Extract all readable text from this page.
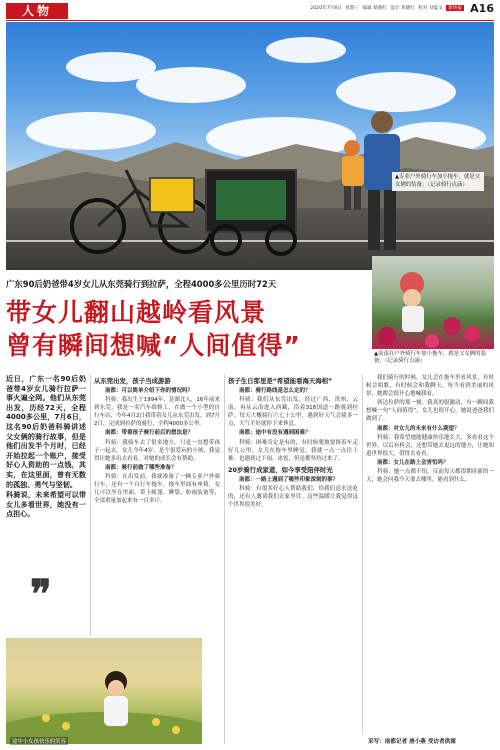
人物	2020年7月8日 星期三 编辑 蔡晓红 设计 邓晓红 校对 刘夏文 新快报 A16
▲专业户外骑行车加小拖车，就是父女俩的装备。（记录骑行点滴）
广东90后奶爸带4岁女儿从东莞骑行到拉萨，全程4000多公里历时72天
带女儿翻山越岭看风景
曾有瞬间想喊“人间值得”	▲南南在户外骑行车加小拖车，就是父女俩的装备。（记录骑行点滴）

近日，广东一名90后奶爸带4岁女儿骑行拉萨一事火遍全网。他们从东莞出发，历经72天，全程4000多公里，7月6日，这名90后奶爸科骑讲述父女俩的骑行故事，但是他们出发半个月时，已经开始拉起一个账户，接受好心人资助的一点钱，其实，在这里面，曾有无数的孤独、勇气与坚韧。

科骑说，未来希望可以带女儿多看世界，她没有一点担心。

❞
从东莞出发，孩子当成游游

南都：可以简单介绍下你的情况吗？

科骑：我出生于1994年，是湖北人，16年前来到东莞，我是一名汽车维修工，在做一个小型的自行车店，今年4月2日我带着女儿从东莞出发，到7月2日，完成到拉萨的骑行，全程4000多公里。

南都：带着孩子骑行前后的想法是？

科骑：我骑车去了很多地方，只是一直想带孩子一起去。女儿今年4岁，是个很爱玩的小孩，我觉得让她多出去看看，对她的成长会有帮助。

南都：骑行前做了哪些准备？

科骑：在出发前，我就准备了一辆专业户外骑行车，还有一个自行车拖车，拖车里面有座椅，女儿可以坐在里面。带上帐篷、睡袋、防雨装备等，全部重量加起来有一百多斤。

孩子生日那里是“希望能看海天海相”

南都：骑行路线是怎么定的？

科骑：我们从东莞出发，经过广西、贵州、云南，再从云南进入西藏，沿着318国道一路骑到拉萨。每天大概骑行六七十公里，遇到好天气会骑多一点，天气不好就停下来休息。

南都：途中有没有遇到困难？

科骑：困难肯定是有的，有时候爬坡要推着车走好几公里，女儿在拖车里睡觉，我就一点一点往上推。也遇到过下雨、冰雹，但是都坚持过来了。

20岁骑行成家道，如今享受陪伴时光

南都：一路上遇到了哪些印象深刻的事？

科骑：有很多好心人帮助我们，给我们送水送吃的，还有人邀请我们去家里住。这些温暖让我觉得这个世界很美好。

我们骑行的时候，女儿会在拖车里看风景，有时候会唱歌，有时候会和我聊天。每当看到美丽的风景，她都会很开心地喊我看。

到达拉萨的那一刻，我真的很激动，有一瞬间我想喊一句“人间值得”。女儿也很开心，她说爸爸我们做到了。

南都：对女儿的未来有什么期望？

科骑：我希望她能健康快乐地长大，多看看这个世界。以后有机会，还想带她去更远的地方，让她知道世界很大，值得去看看。

南都：女儿在路上会害怕吗？

科骑：她一点都不怕，反而每天都很期待新的一天，她会问我今天要去哪里，能看到什么。

途中小女孩快乐的笑容	采写：南都记者 唐小燕 受访者供图
